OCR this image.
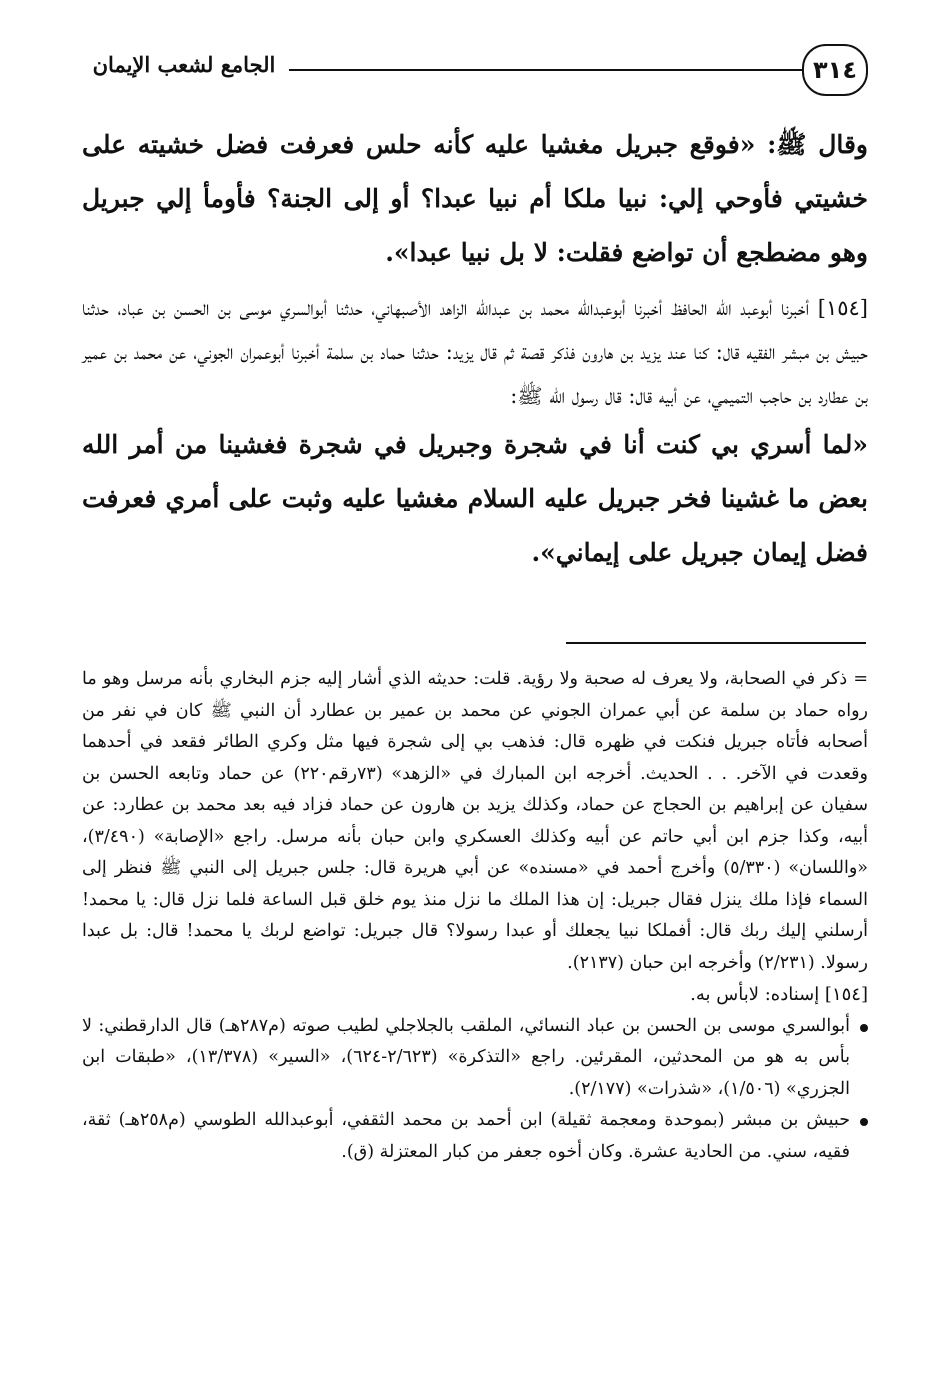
٣١٤
الجامع لشعب الإيمان

وقال ﷺ: «فوقع جبريل مغشيا عليه كأنه حلس فعرفت فضل خشيته على خشيتي فأوحي إلي: نبيا ملكا أم نبيا عبدا؟ أو إلى الجنة؟ فأومأ إلي جبريل وهو مضطجع أن تواضع فقلت: لا بل نبيا عبدا».

[١٥٤] أخبرنا أبوعبد الله الحافظ أخبرنا أبوعبدالله محمد بن عبدالله الزاهد الأصبهاني، حدثنا أبوالسري موسى بن الحسن بن عباد، حدثنا حبيش بن مبشر الفقيه قال: كنا عند يزيد بن هارون فذكر قصة ثم قال يزيد: حدثنا حماد بن سلمة أخبرنا أبوعمران الجوني، عن محمد بن عمير بن عطارد بن حاجب التميمي، عن أبيه قال: قال رسول الله ﷺ:

«لما أسري بي كنت أنا في شجرة وجبريل في شجرة فغشينا من أمر الله بعض ما غشينا فخر جبريل عليه السلام مغشيا عليه وثبت على أمري فعرفت فضل إيمان جبريل على إيماني».

= ذكر في الصحابة، ولا يعرف له صحبة ولا رؤية. قلت: حديثه الذي أشار إليه جزم البخاري بأنه مرسل وهو ما رواه حماد بن سلمة عن أبي عمران الجوني عن محمد بن عمير بن عطارد أن النبي ﷺ كان في نفر من أصحابه فأتاه جبريل فنكت في ظهره قال: فذهب بي إلى شجرة فيها مثل وكري الطائر فقعد في أحدهما وقعدت في الآخر. . . الحديث. أخرجه ابن المبارك في «الزهد» (٧٣رقم٢٢٠) عن حماد وتابعه الحسن بن سفيان عن إبراهيم بن الحجاج عن حماد، وكذلك يزيد بن هارون عن حماد فزاد فيه بعد محمد بن عطارد: عن أبيه، وكذا جزم ابن أبي حاتم عن أبيه وكذلك العسكري وابن حبان بأنه مرسل. راجع «الإصابة» (٣/٤٩٠)، «واللسان» (٥/٣٣٠) وأخرج أحمد في «مسنده» عن أبي هريرة قال: جلس جبريل إلى النبي ﷺ فنظر إلى السماء فإذا ملك ينزل فقال جبريل: إن هذا الملك ما نزل منذ يوم خلق قبل الساعة فلما نزل قال: يا محمد! أرسلني إليك ربك قال: أفملكا نبيا يجعلك أو عبدا رسولا؟ قال جبريل: تواضع لربك يا محمد! قال: بل عبدا رسولا. (٢/٢٣١) وأخرجه ابن حبان (٢١٣٧).

[١٥٤] إسناده: لابأس به.

أبوالسري موسى بن الحسن بن عباد النسائي، الملقب بالجلاجلي لطيب صوته (م٢٨٧هـ) قال الدارقطني: لا بأس به هو من المحدثين، المقرئين. راجع «التذكرة» (٢/٦٢٣-٦٢٤)، «السير» (١٣/٣٧٨)، «طبقات ابن الجزري» (١/٥٠٦)، «شذرات» (٢/١٧٧).

حبيش بن مبشر (بموحدة ومعجمة ثقيلة) ابن أحمد بن محمد الثقفي، أبوعبدالله الطوسي (م٢٥٨هـ) ثقة، فقيه، سني. من الحادية عشرة. وكان أخوه جعفر من كبار المعتزلة (ق).
